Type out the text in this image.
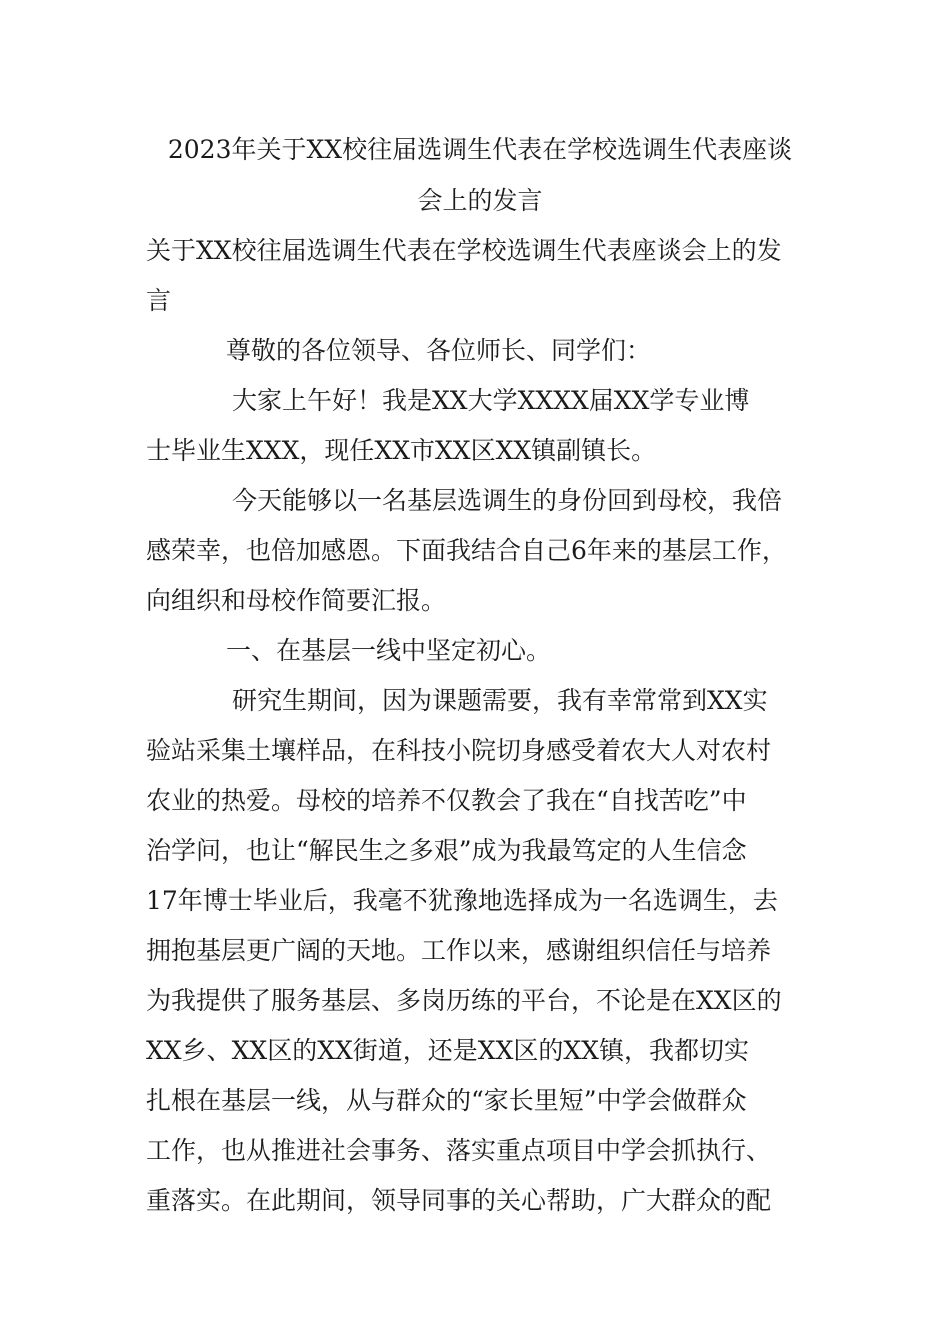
2023年关于XX校往届选调生代表在学校选调生代表座谈
会上的发言
关于XX校往届选调生代表在学校选调生代表座谈会上的发
言
尊敬的各位领导、各位师长、同学们：
大家上午好！我是XX大学XXXX届XX学专业博
士毕业生XXX，现任XX市XX区XX镇副镇长。
今天能够以一名基层选调生的身份回到母校，我倍
感荣幸，也倍加感恩。下面我结合自己6年来的基层工作，
向组织和母校作简要汇报。
一、在基层一线中坚定初心。
研究生期间，因为课题需要，我有幸常常到XX实
验站采集土壤样品，在科技小院切身感受着农大人对农村
农业的热爱。母校的培养不仅教会了我在“自找苦吃”中
治学问，也让“解民生之多艰”成为我最笃定的人生信念
17年博士毕业后，我毫不犹豫地选择成为一名选调生，去
拥抱基层更广阔的天地。工作以来，感谢组织信任与培养
为我提供了服务基层、多岗历练的平台，不论是在XX区的
XX乡、XX区的XX街道，还是XX区的XX镇，我都切实
扎根在基层一线，从与群众的“家长里短”中学会做群众
工作，也从推进社会事务、落实重点项目中学会抓执行、
重落实。在此期间，领导同事的关心帮助，广大群众的配
